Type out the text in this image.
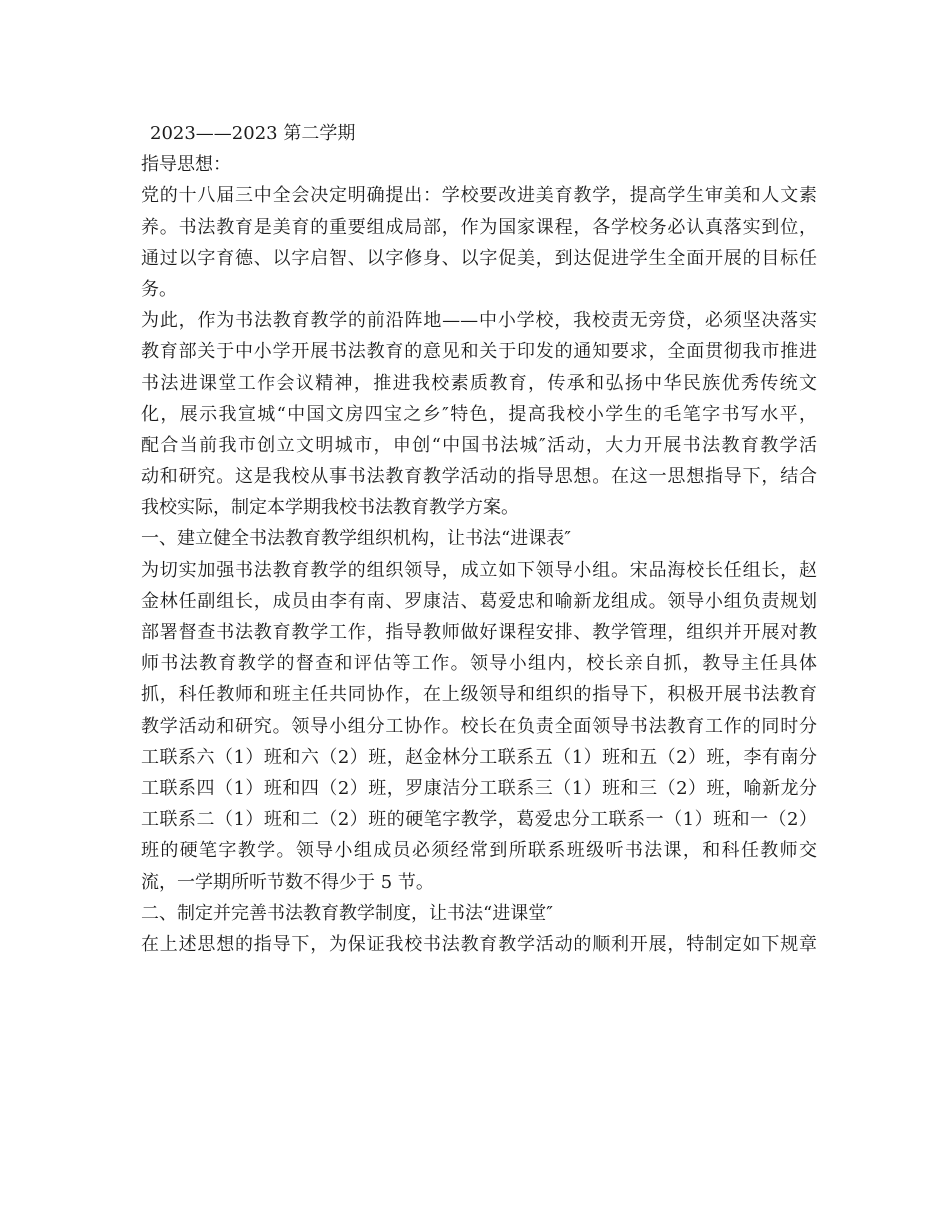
2023——2023 第二学期
指导思想：
党的十八届三中全会决定明确提出：学校要改进美育教学，提高学生审美和人文素
养。书法教育是美育的重要组成局部，作为国家课程，各学校务必认真落实到位，
通过以字育德、以字启智、以字修身、以字促美，到达促进学生全面开展的目标任
务。
为此，作为书法教育教学的前沿阵地——中小学校，我校责无旁贷，必须坚决落实
教育部关于中小学开展书法教育的意见和关于印发的通知要求，全面贯彻我市推进
书法进课堂工作会议精神，推进我校素质教育，传承和弘扬中华民族优秀传统文
化，展示我宣城“中国文房四宝之乡″特色，提高我校小学生的毛笔字书写水平，
配合当前我市创立文明城市，申创“中国书法城″活动，大力开展书法教育教学活
动和研究。这是我校从事书法教育教学活动的指导思想。在这一思想指导下，结合
我校实际，制定本学期我校书法教育教学方案。
一、建立健全书法教育教学组织机构，让书法“进课表″
为切实加强书法教育教学的组织领导，成立如下领导小组。宋品海校长任组长，赵
金林任副组长，成员由李有南、罗康洁、葛爱忠和喻新龙组成。领导小组负责规划
部署督查书法教育教学工作，指导教师做好课程安排、教学管理，组织并开展对教
师书法教育教学的督查和评估等工作。领导小组内，校长亲自抓，教导主任具体
抓，科任教师和班主任共同协作，在上级领导和组织的指导下，积极开展书法教育
教学活动和研究。领导小组分工协作。校长在负责全面领导书法教育工作的同时分
工联系六（1）班和六（2）班，赵金林分工联系五（1）班和五（2）班，李有南分
工联系四（1）班和四（2）班，罗康洁分工联系三（1）班和三（2）班，喻新龙分
工联系二（1）班和二（2）班的硬笔字教学，葛爱忠分工联系一（1）班和一（2）
班的硬笔字教学。领导小组成员必须经常到所联系班级听书法课，和科任教师交
流，一学期所听节数不得少于 5 节。
二、制定并完善书法教育教学制度，让书法“进课堂″
在上述思想的指导下，为保证我校书法教育教学活动的顺利开展，特制定如下规章
